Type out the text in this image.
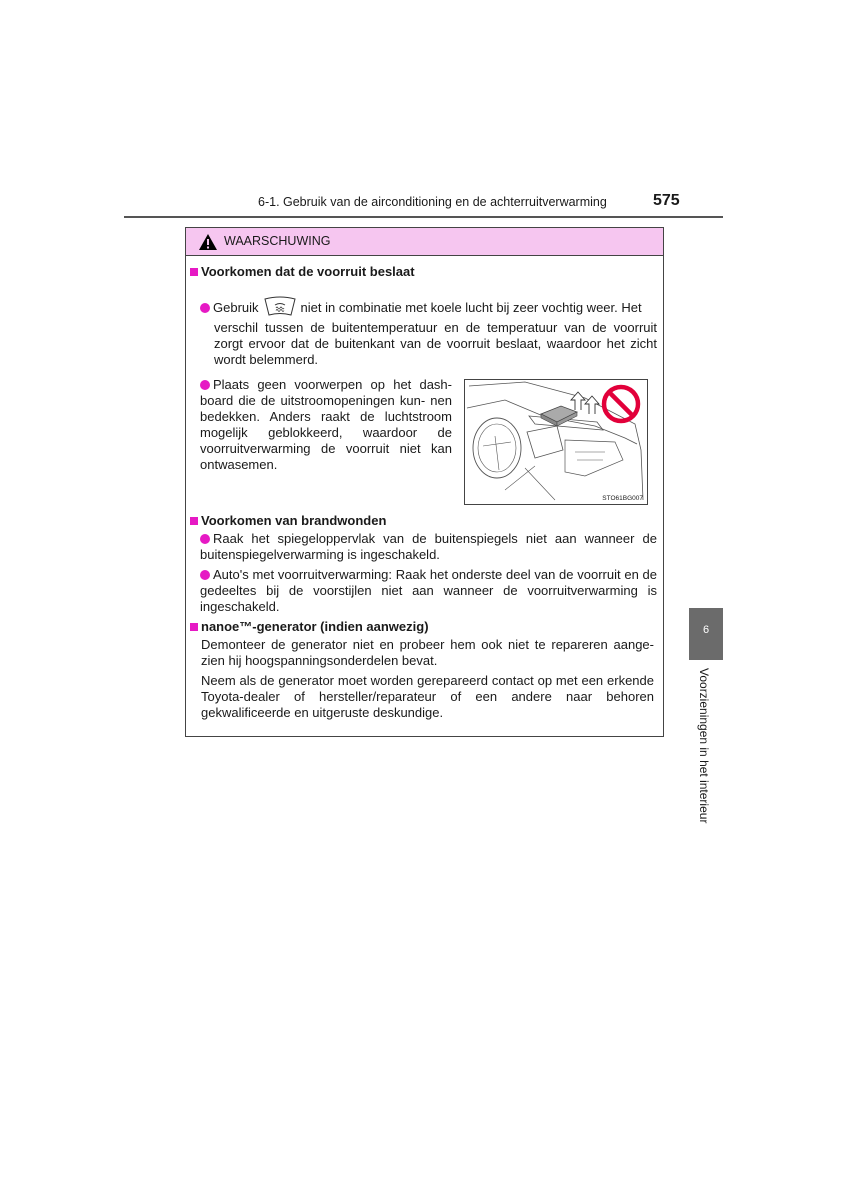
6-1. Gebruik van de airconditioning en de achterruitverwarming	575
WAARSCHUWING
Voorkomen dat de voorruit beslaat
Gebruik	niet in combinatie met koele lucht bij zeer vochtig weer. Het
verschil tussen de buitentemperatuur en de temperatuur van de voorruit zorgt ervoor dat de buitenkant van de voorruit beslaat, waardoor het zicht wordt belemmerd.
Plaats geen voorwerpen op het dash- board die de uitstroomopeningen kun- nen bedekken. Anders raakt de luchtstroom mogelijk geblokkeerd, waardoor de voorruitverwarming de voorruit niet kan ontwasemen.
STO61BG007
Voorkomen van brandwonden
Raak het spiegeloppervlak van de buitenspiegels niet aan wanneer de buitenspiegelverwarming is ingeschakeld.
Auto's met voorruitverwarming: Raak het onderste deel van de voorruit en de gedeeltes bij de voorstijlen niet aan wanneer de voorruitverwarming is ingeschakeld.
nanoe™-generator (indien aanwezig)
Demonteer de generator niet en probeer hem ook niet te repareren aange- zien hij hoogspanningsonderdelen bevat.
Neem als de generator moet worden gerepareerd contact op met een erkende Toyota-dealer of hersteller/reparateur of een andere naar behoren gekwalificeerde en uitgeruste deskundige.
6
Voorzieningen in het interieur
